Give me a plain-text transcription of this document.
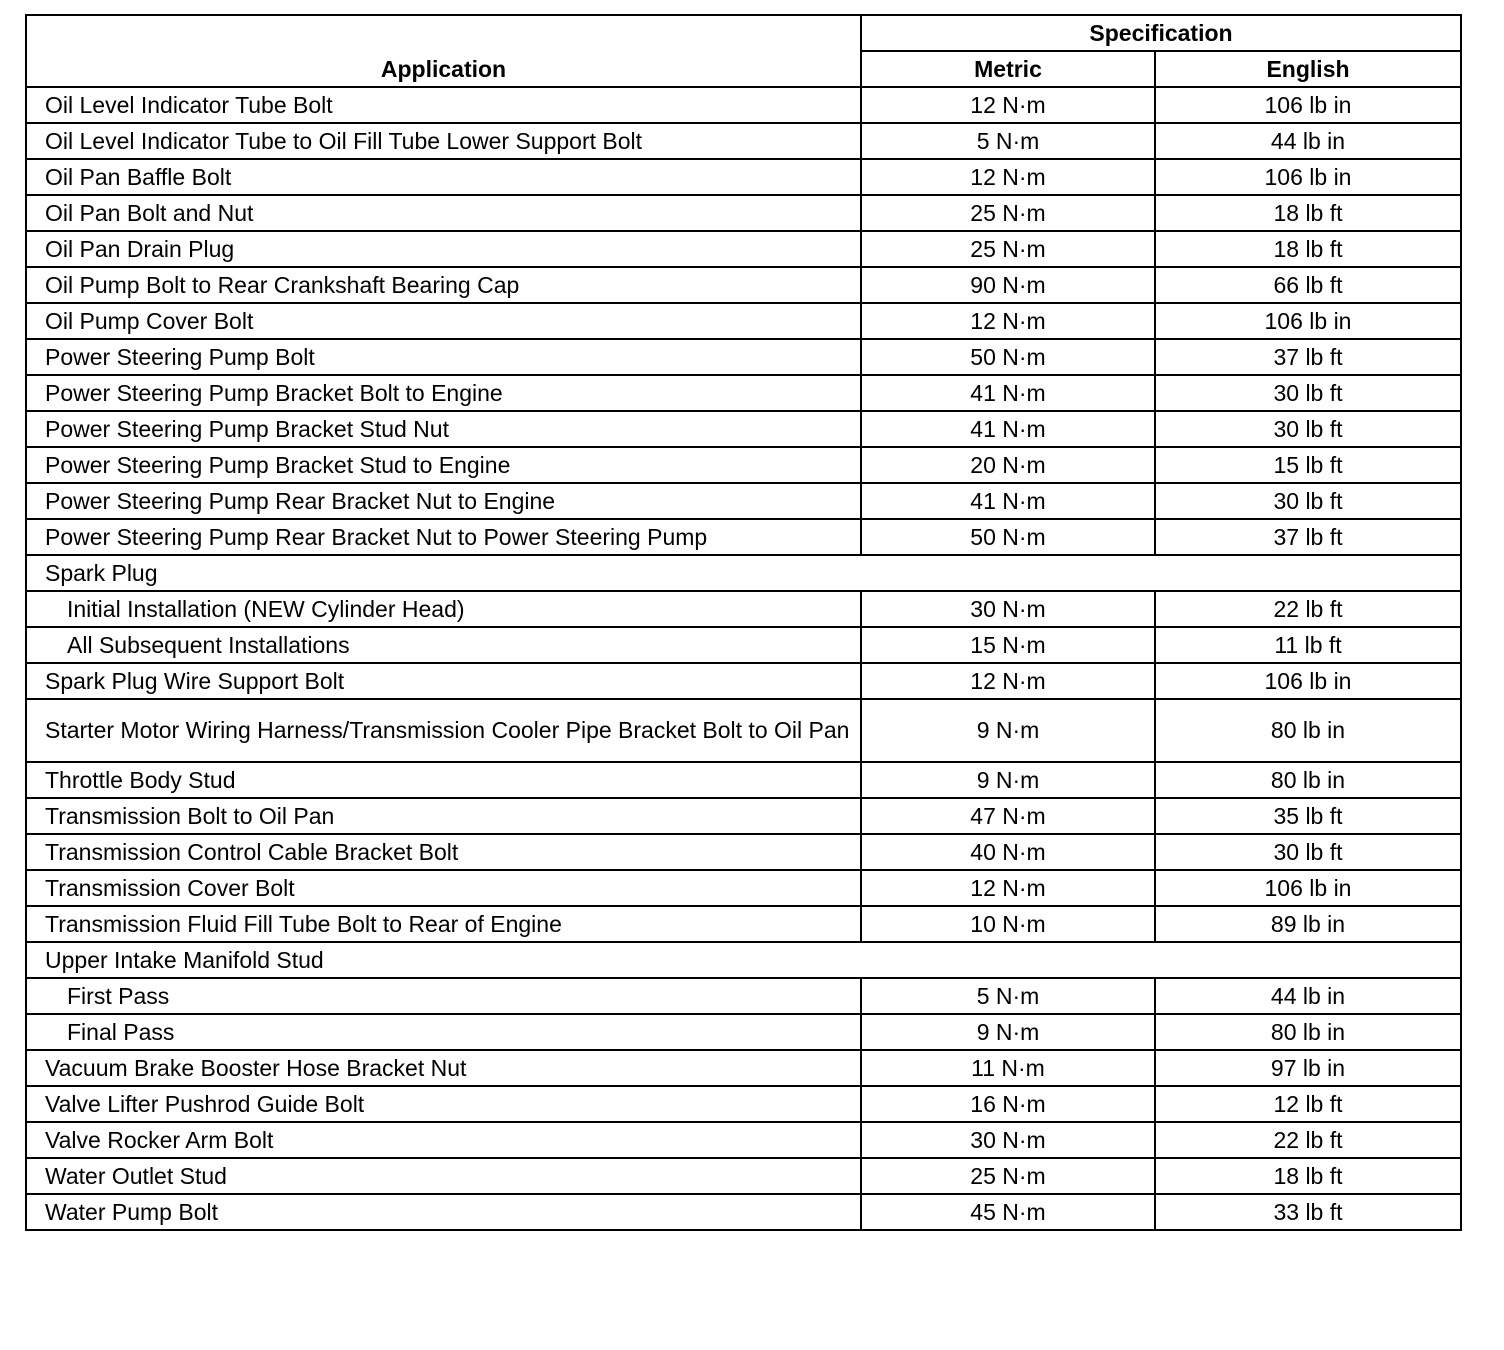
Application	Specification	
	Metric	English
Oil Level Indicator Tube Bolt	12 N·m	106 lb in
Oil Level Indicator Tube to Oil Fill Tube Lower Support Bolt	5 N·m	44 lb in
Oil Pan Baffle Bolt	12 N·m	106 lb in
Oil Pan Bolt and Nut	25 N·m	18 lb ft
Oil Pan Drain Plug	25 N·m	18 lb ft
Oil Pump Bolt to Rear Crankshaft Bearing Cap	90 N·m	66 lb ft
Oil Pump Cover Bolt	12 N·m	106 lb in
Power Steering Pump Bolt	50 N·m	37 lb ft
Power Steering Pump Bracket Bolt to Engine	41 N·m	30 lb ft
Power Steering Pump Bracket Stud Nut	41 N·m	30 lb ft
Power Steering Pump Bracket Stud to Engine	20 N·m	15 lb ft
Power Steering Pump Rear Bracket Nut to Engine	41 N·m	30 lb ft
Power Steering Pump Rear Bracket Nut to Power Steering Pump	50 N·m	37 lb ft
Spark Plug		
Initial Installation (NEW Cylinder Head)	30 N·m	22 lb ft
All Subsequent Installations	15 N·m	11 lb ft
Spark Plug Wire Support Bolt	12 N·m	106 lb in
Starter Motor Wiring Harness/Transmission Cooler Pipe Bracket Bolt to Oil Pan	9 N·m	80 lb in
Throttle Body Stud	9 N·m	80 lb in
Transmission Bolt to Oil Pan	47 N·m	35 lb ft
Transmission Control Cable Bracket Bolt	40 N·m	30 lb ft
Transmission Cover Bolt	12 N·m	106 lb in
Transmission Fluid Fill Tube Bolt to Rear of Engine	10 N·m	89 lb in
Upper Intake Manifold Stud		
First Pass	5 N·m	44 lb in
Final Pass	9 N·m	80 lb in
Vacuum Brake Booster Hose Bracket Nut	11 N·m	97 lb in
Valve Lifter Pushrod Guide Bolt	16 N·m	12 lb ft
Valve Rocker Arm Bolt	30 N·m	22 lb ft
Water Outlet Stud	25 N·m	18 lb ft
Water Pump Bolt	45 N·m	33 lb ft
